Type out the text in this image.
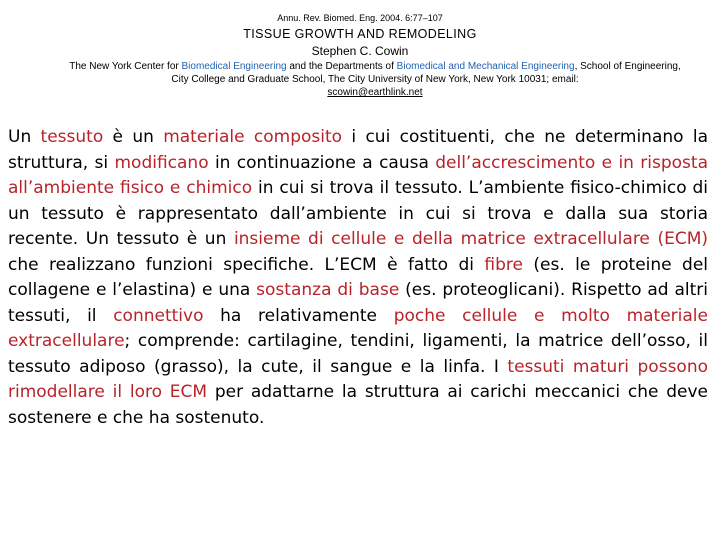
Annu. Rev. Biomed. Eng. 2004. 6:77–107
TISSUE GROWTH AND REMODELING
Stephen C. Cowin
The New York Center for Biomedical Engineering and the Departments of Biomedical and Mechanical Engineering, School of Engineering, City College and Graduate School, The City University of New York, New York 10031; email:
scowin@earthlink.net

Un tessuto è un materiale composito i cui costituenti, che ne determinano la struttura, si modificano in continuazione a causa dell’accrescimento e in risposta all’ambiente fisico e chimico in cui si trova il tessuto. L’ambiente fisico-chimico di un tessuto è rappresentato dall’ambiente in cui si trova e dalla sua storia recente. Un tessuto è un insieme di cellule e della matrice extracellulare (ECM) che realizzano funzioni specifiche. L’ECM è fatto di fibre (es. le proteine del collagene e l’elastina) e una sostanza di base (es. proteoglicani). Rispetto ad altri tessuti, il connettivo ha relativamente poche cellule e molto materiale extracellulare; comprende: cartilagine, tendini, ligamenti, la matrice dell’osso, il tessuto adiposo (grasso), la cute, il sangue e la linfa. I tessuti maturi possono rimodellare il loro ECM per adattarne la struttura ai carichi meccanici che deve sostenere e che ha sostenuto.
